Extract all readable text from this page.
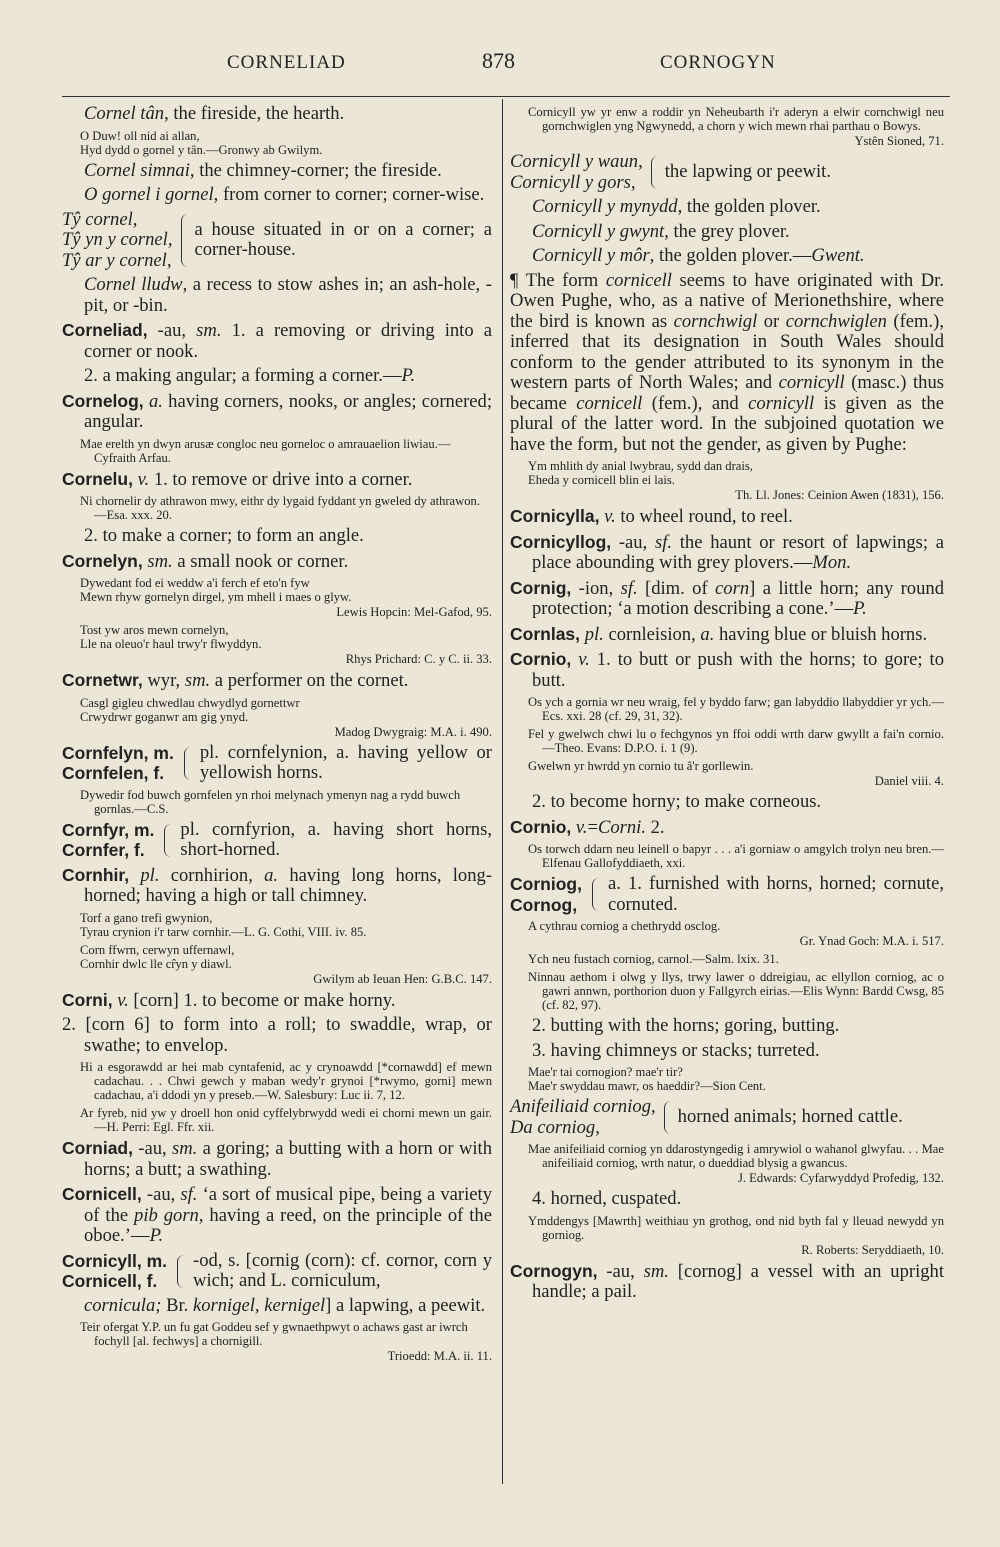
CORNELIAD	878	CORNOGYN
Cornel tân, the fireside, the hearth.
O Duw! oll nid ai allan,
Hyd dydd o gornel y tân.—Gronwy ab Gwilym.
Cornel simnai, the chimney-corner; the fireside.
O gornel i gornel, from corner to corner; corner-wise.
Tŷ cornel,
Tŷ yn y cornel,
Tŷ ar y cornel,
a house situated in or on a corner; a corner-house.
Cornel lludw, a recess to stow ashes in; an ash-hole, -pit, or -bin.
Corneliad, -au, sm. 1. a removing or driving into a corner or nook.
2. a making angular; a forming a corner.—P.
Cornelog, a. having corners, nooks, or angles; cornered; angular.
Mae erelth yn dwyn arusæ congloc neu gorneloc o amrauaelion liwiau.—Cyfraith Arfau.
Cornelu, v. 1. to remove or drive into a corner.
Ni chornelir dy athrawon mwy, eithr dy lygaid fyddant yn gweled dy athrawon.—Esa. xxx. 20.
2. to make a corner; to form an angle.
Cornelyn, sm. a small nook or corner.
Dywedant fod ei weddw a'i ferch ef eto'n fyw
Mewn rhyw gornelyn dirgel, ym mhell i maes o glyw.
Lewis Hopcin: Mel-Gafod, 95.
Tost yw aros mewn cornelyn,
Lle na oleuo'r haul trwy'r flwyddyn.
Rhys Prichard: C. y C. ii. 33.
Cornetwr, wyr, sm. a performer on the cornet.
Casgl gigleu chwedlau chwydlyd gornettwr
Crwydrwr goganwr am gig ynyd.
Madog Dwygraig: M.A. i. 490.
Cornfelyn, m.
Cornfelen, f.
pl. cornfelynion, a. having yellow or yellowish horns.
Dywedir fod buwch gornfelen yn rhoi melynach ymenyn nag a rydd buwch gornlas.—C.S.
Cornfyr, m.
Cornfer, f.
pl. cornfyrion, a. having short horns, short-horned.
Cornhir, pl. cornhirion, a. having long horns, long-horned; having a high or tall chimney.
Torf a gano trefi gwynion,
Tyrau crynion i'r tarw cornhir.—L. G. Cothi, VIII. iv. 85.
Corn ffwrn, cerwyn uffernawl,
Cornhir dwlc lle cr̂yn y diawl.
Gwilym ab Ieuan Hen: G.B.C. 147.
Corni, v. [corn] 1. to become or make horny.
2. [corn 6] to form into a roll; to swaddle, wrap, or swathe; to envelop.
Hi a esgorawdd ar hei mab cyntafenid, ac y crynoawdd [*cornawdd] ef mewn cadachau. . . Chwi gewch y maban wedy'r grynoi [*rwymo, gorni] mewn cadachau, a'i ddodi yn y preseb.—W. Salesbury: Luc ii. 7, 12.
Ar fyreb, nid yw y droell hon onid cyffelybrwydd wedi ei chorni mewn un gair.—H. Perri: Egl. Ffr. xii.
Corniad, -au, sm. a goring; a butting with a horn or with horns; a butt; a swathing.
Cornicell, -au, sf. ‘a sort of musical pipe, being a variety of the pib gorn, having a reed, on the principle of the oboe.’—P.
Cornicyll, m.
Cornicell, f.
-od, s. [cornig (corn): cf. cornor, corn y wich; and L. corniculum,
cornicula; Br. kornigel, kernigel] a lapwing, a peewit.
Teir ofergat Y.P. un fu gat Goddeu sef y gwnaethpwyt o achaws gast ar iwrch fochyll [al. fechwys] a chornigill.
Trioedd: M.A. ii. 11.
Cornicyll yw yr enw a roddir yn Neheubarth i'r aderyn a elwir cornchwigl neu gornchwiglen yng Ngwynedd, a chorn y wich mewn rhai parthau o Bowys.
Ystên Sioned, 71.
Cornicyll y waun,
Cornicyll y gors,	the lapwing or peewit.
Cornicyll y mynydd, the golden plover.
Cornicyll y gwynt, the grey plover.
Cornicyll y môr, the golden plover.—Gwent.
¶ The form cornicell seems to have originated with Dr. Owen Pughe, who, as a native of Merionethshire, where the bird is known as cornchwigl or cornchwiglen (fem.), inferred that its designation in South Wales should conform to the gender attributed to its synonym in the western parts of North Wales; and cornicyll (masc.) thus became cornicell (fem.), and cornicyll is given as the plural of the latter word. In the subjoined quotation we have the form, but not the gender, as given by Pughe:
Ym mhlith dy anial lwybrau, sydd dan drais,
Eheda y cornicell blin ei lais.
Th. Ll. Jones: Ceinion Awen (1831), 156.
Cornicylla, v. to wheel round, to reel.
Cornicyllog, -au, sf. the haunt or resort of lapwings; a place abounding with grey plovers.—Mon.
Cornig, -ion, sf. [dim. of corn] a little horn; any round protection; ‘a motion describing a cone.’—P.
Cornlas, pl. cornleision, a. having blue or bluish horns.
Cornio, v. 1. to butt or push with the horns; to gore; to butt.
Os ych a gornia wr neu wraig, fel y byddo farw; gan labyddio llabyddier yr ych.—Ecs. xxi. 28 (cf. 29, 31, 32).
Fel y gwelwch chwi lu o fechgynos yn ffoi oddi wrth darw gwyllt a fai'n cornio.—Theo. Evans: D.P.O. i. 1 (9).
Gwelwn yr hwrdd yn cornio tu â'r gorllewin.
Daniel viii. 4.
2. to become horny; to make corneous.
Cornio, v.=Corni. 2.
Os torwch ddarn neu leinell o bapyr . . . a'i gorniaw o amgylch trolyn neu bren.—Elfenau Gallofyddiaeth, xxi.
Corniog,
Cornog,
a. 1. furnished with horns, horned; cornute, cornuted.
A cythrau corniog a chethrydd osclog.
Gr. Ynad Goch: M.A. i. 517.
Ych neu fustach corniog, carnol.—Salm. lxix. 31.
Ninnau aethom i olwg y llys, trwy lawer o ddreigiau, ac ellyllon corniog, ac o gawri annwn, porthorion duon y Fallgyrch eirias.—Elis Wynn: Bardd Cwsg, 85 (cf. 82, 97).
2. butting with the horns; goring, butting.
3. having chimneys or stacks; turreted.
Mae'r tai cornogion? mae'r tir?
Mae'r swyddau mawr, os haeddir?—Sion Cent.
Anifeiliaid corniog,
Da corniog,	horned animals; horned cattle.
Mae anifeiliaid corniog yn ddarostyngedig i amrywiol o wahanol glwyfau. . . Mae anifeiliaid corniog, wrth natur, o dueddiad blysig a gwancus.
J. Edwards: Cyfarwyddyd Profedig, 132.
4. horned, cuspated.
Ymddengys [Mawrth] weithiau yn grothog, ond nid byth fal y lleuad newydd yn gorniog.
R. Roberts: Seryddiaeth, 10.
Cornogyn, -au, sm. [cornog] a vessel with an upright handle; a pail.
